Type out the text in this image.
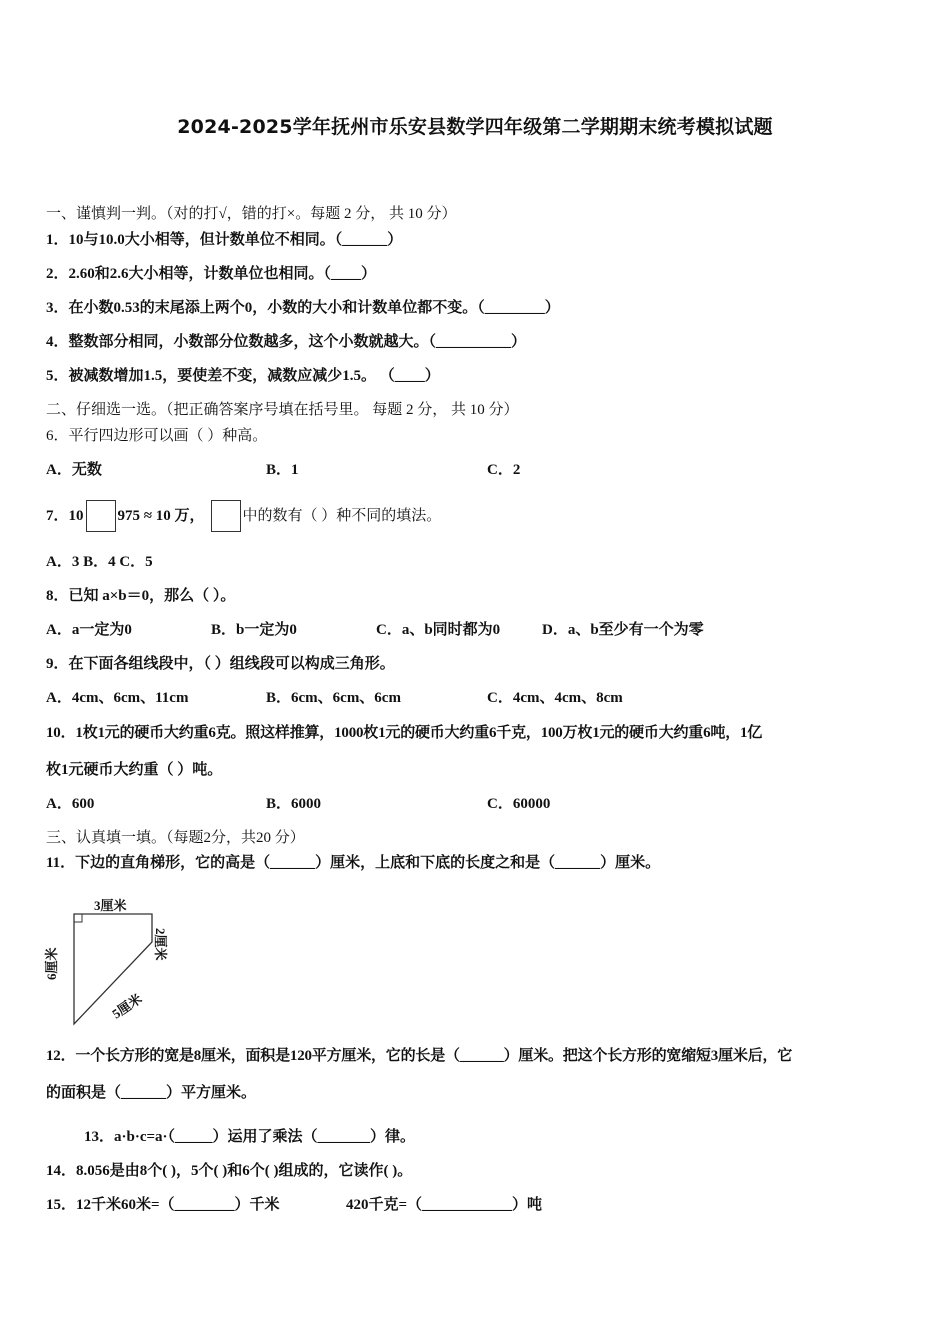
2024-2025学年抚州市乐安县数学四年级第二学期期末统考模拟试题
一、谨慎判一判。（对的打√，错的打×。每题 2 分， 共 10 分）
1．10与10.0大小相等，但计数单位不相同。（______）
2．2.60和2.6大小相等，计数单位也相同。（____）
3．在小数0.53的末尾添上两个0，小数的大小和计数单位都不变。（________）
4．整数部分相同，小数部分位数越多，这个小数就越大。（__________）
5．被减数增加1.5，要使差不变，减数应减少1.5。 （____）
二、仔细选一选。（把正确答案序号填在括号里。 每题 2 分， 共 10 分）
6．平行四边形可以画（ ）种高。
A．无数	B．1	C．2
7．10 975 ≈ 10 万，	中的数有（ ）种不同的填法。
A．3 B．4 C．5
8．已知 a×b＝0，那么（ ）。
A．a一定为0	B．b一定为0	C．a、b同时都为0	D．a、b至少有一个为零
9．在下面各组线段中，（ ）组线段可以构成三角形。
A．4cm、6cm、11cm	B．6cm、6cm、6cm	C．4cm、4cm、8cm
10．1枚1元的硬币大约重6克。照这样推算，1000枚1元的硬币大约重6千克，100万枚1元的硬币大约重6吨，1亿
枚1元硬币大约重（ ）吨。
A．600	B．6000	C．60000
三、认真填一填。（每题2分，共20 分）
11．下边的直角梯形，它的高是（______）厘米，上底和下底的长度之和是（______）厘米。
3厘米
6厘米
2厘米
5厘米
12．一个长方形的宽是8厘米，面积是120平方厘米，它的长是（______）厘米。把这个长方形的宽缩短3厘米后，它
的面积是（______）平方厘米。
13．a·b·c=a·（_____）运用了乘法（_______）律。
14．8.056是由8个( )，5个( )和6个( )组成的，它读作( )。
15．12千米60米=（________）千米	420千克=（____________）吨
